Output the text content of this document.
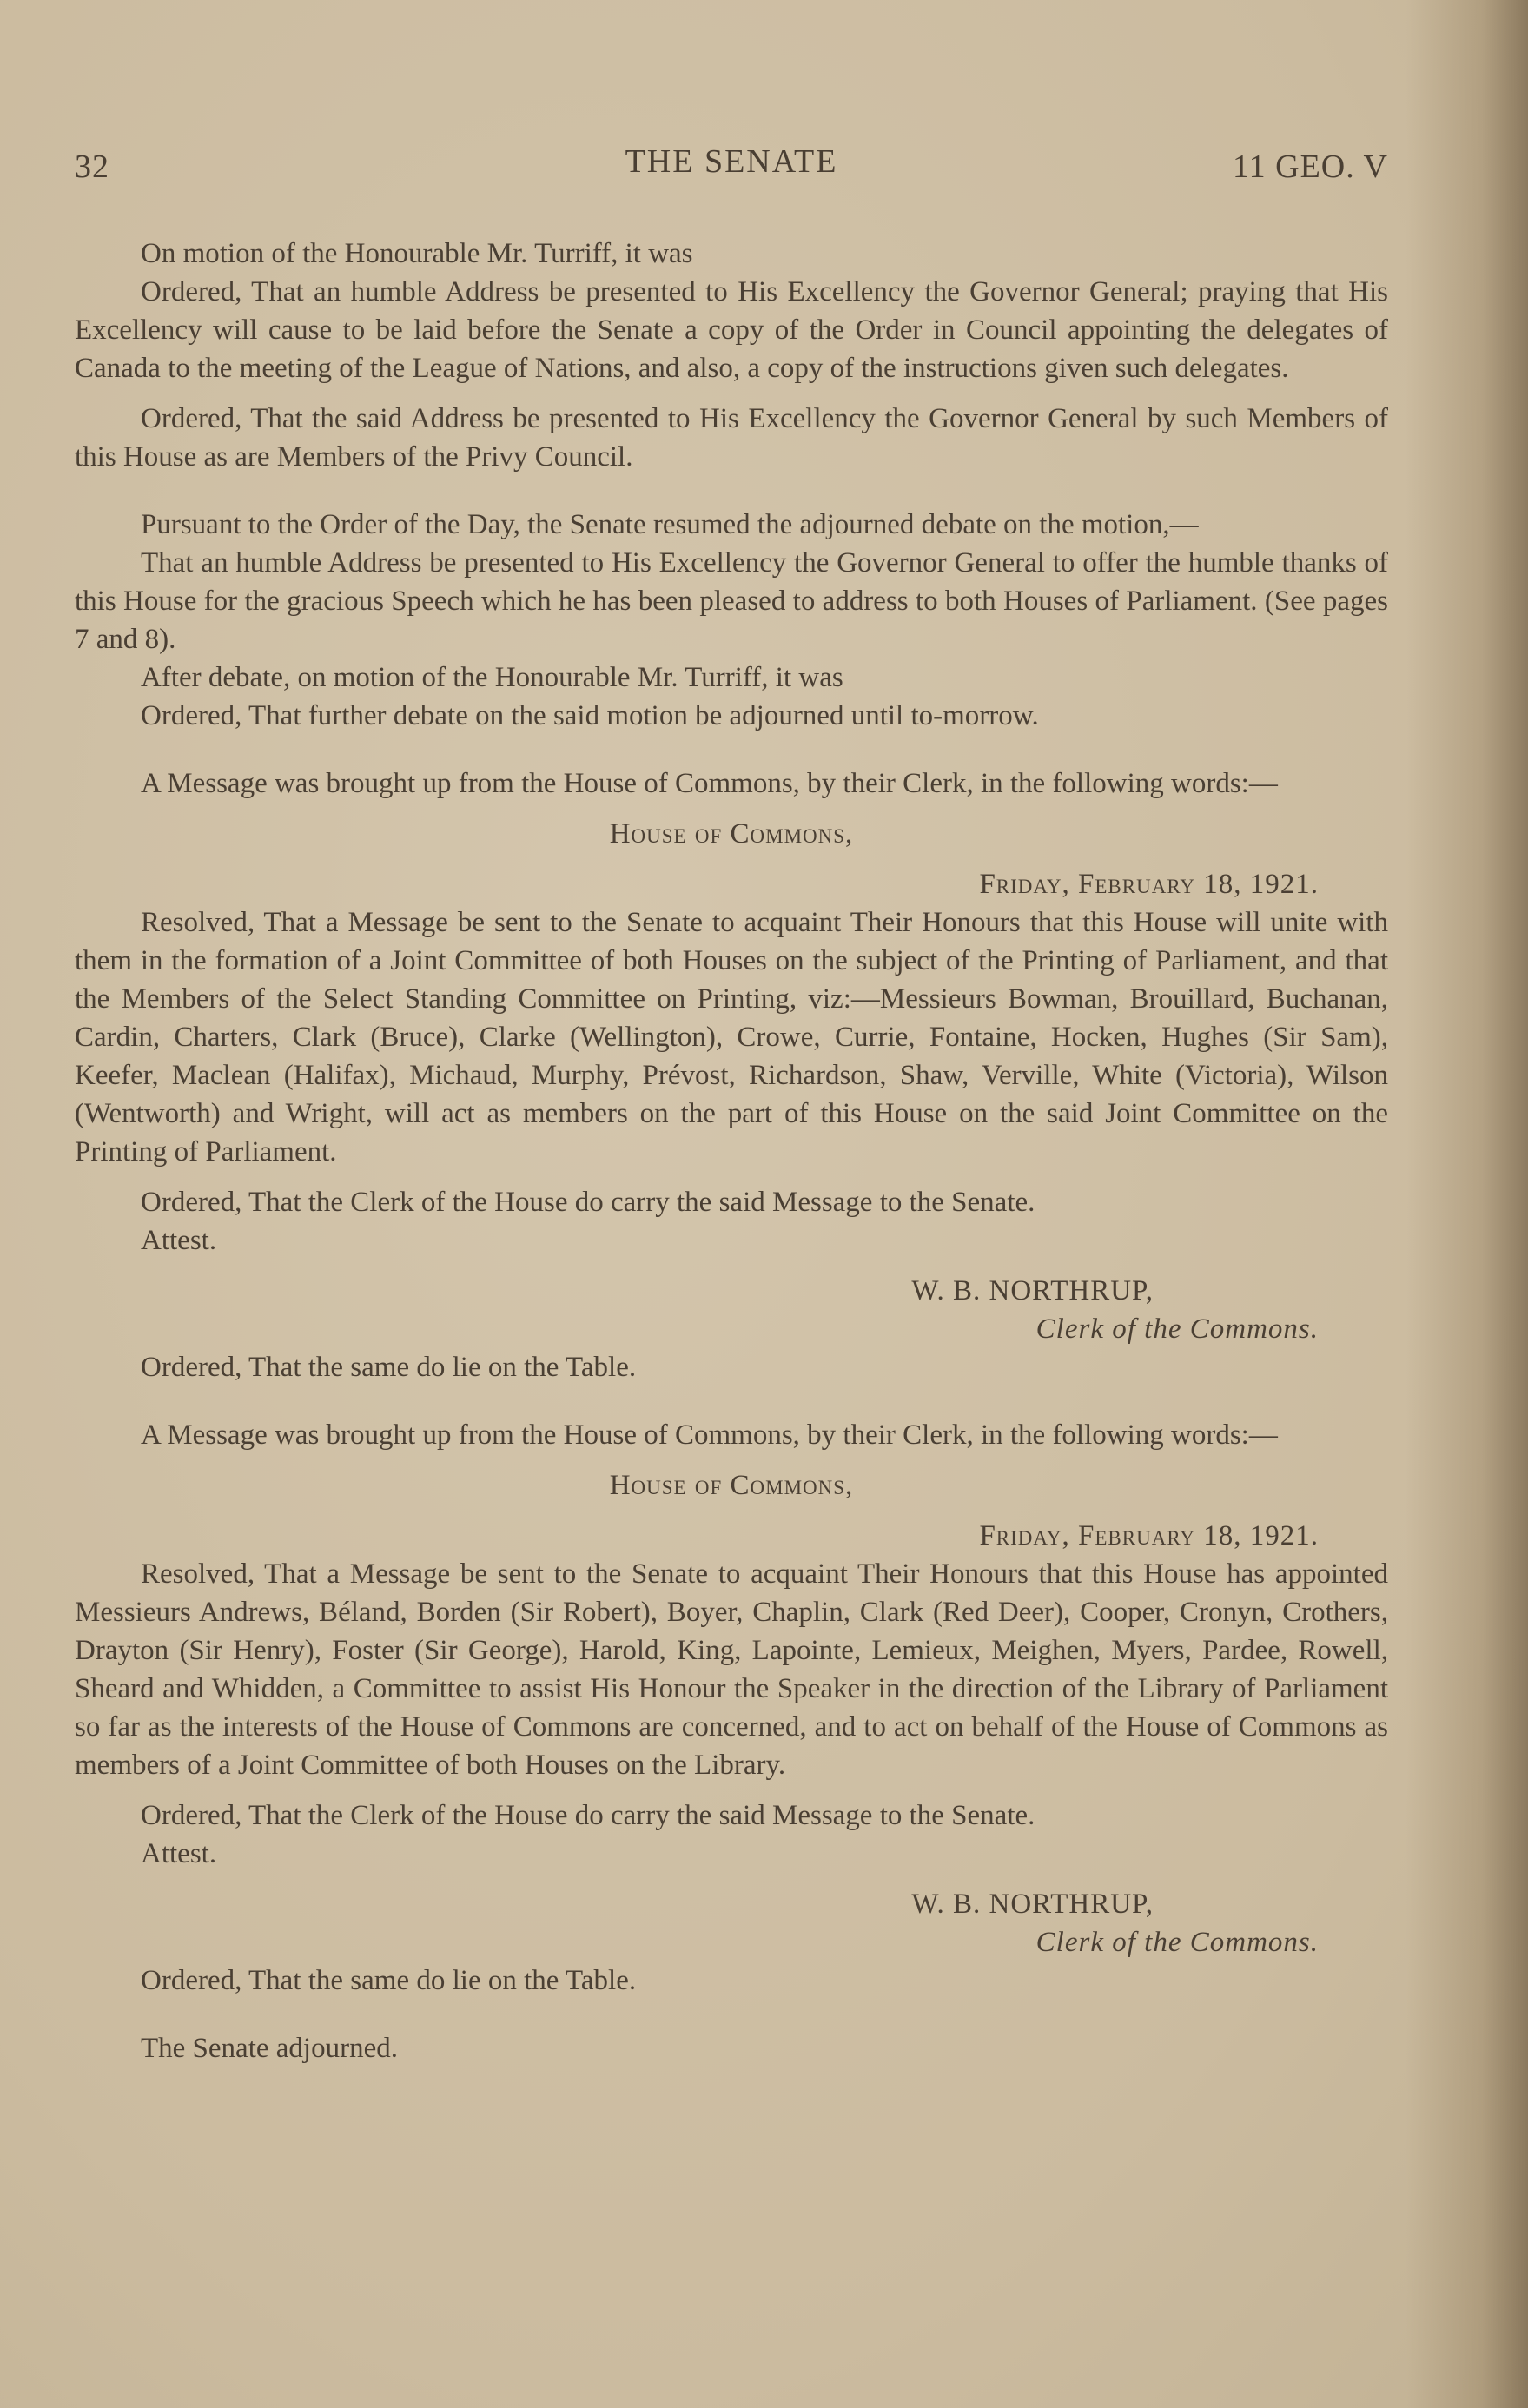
32	THE SENATE	11 GEO. V

On motion of the Honourable Mr. Turriff, it was

Ordered, That an humble Address be presented to His Excellency the Governor General; praying that His Excellency will cause to be laid before the Senate a copy of the Order in Council appointing the delegates of Canada to the meeting of the League of Nations, and also, a copy of the instructions given such delegates.

Ordered, That the said Address be presented to His Excellency the Governor General by such Members of this House as are Members of the Privy Council.

Pursuant to the Order of the Day, the Senate resumed the adjourned debate on the motion,—

That an humble Address be presented to His Excellency the Governor General to offer the humble thanks of this House for the gracious Speech which he has been pleased to address to both Houses of Parliament. (See pages 7 and 8).

After debate, on motion of the Honourable Mr. Turriff, it was

Ordered, That further debate on the said motion be adjourned until to-morrow.

A Message was brought up from the House of Commons, by their Clerk, in the following words:—

House of Commons,

Friday, February 18, 1921.

Resolved, That a Message be sent to the Senate to acquaint Their Honours that this House will unite with them in the formation of a Joint Committee of both Houses on the subject of the Printing of Parliament, and that the Members of the Select Standing Committee on Printing, viz:—Messieurs Bowman, Brouillard, Buchanan, Cardin, Charters, Clark (Bruce), Clarke (Wellington), Crowe, Currie, Fontaine, Hocken, Hughes (Sir Sam), Keefer, Maclean (Halifax), Michaud, Murphy, Prévost, Richardson, Shaw, Verville, White (Victoria), Wilson (Wentworth) and Wright, will act as members on the part of this House on the said Joint Committee on the Printing of Parliament.

Ordered, That the Clerk of the House do carry the said Message to the Senate.

Attest.

W. B. NORTHRUP,

Clerk of the Commons.

Ordered, That the same do lie on the Table.

A Message was brought up from the House of Commons, by their Clerk, in the following words:—

House of Commons,

Friday, February 18, 1921.

Resolved, That a Message be sent to the Senate to acquaint Their Honours that this House has appointed Messieurs Andrews, Béland, Borden (Sir Robert), Boyer, Chaplin, Clark (Red Deer), Cooper, Cronyn, Crothers, Drayton (Sir Henry), Foster (Sir George), Harold, King, Lapointe, Lemieux, Meighen, Myers, Pardee, Rowell, Sheard and Whidden, a Committee to assist His Honour the Speaker in the direction of the Library of Parliament so far as the interests of the House of Commons are concerned, and to act on behalf of the House of Commons as members of a Joint Committee of both Houses on the Library.

Ordered, That the Clerk of the House do carry the said Message to the Senate.

Attest.

W. B. NORTHRUP,

Clerk of the Commons.

Ordered, That the same do lie on the Table.

The Senate adjourned.
